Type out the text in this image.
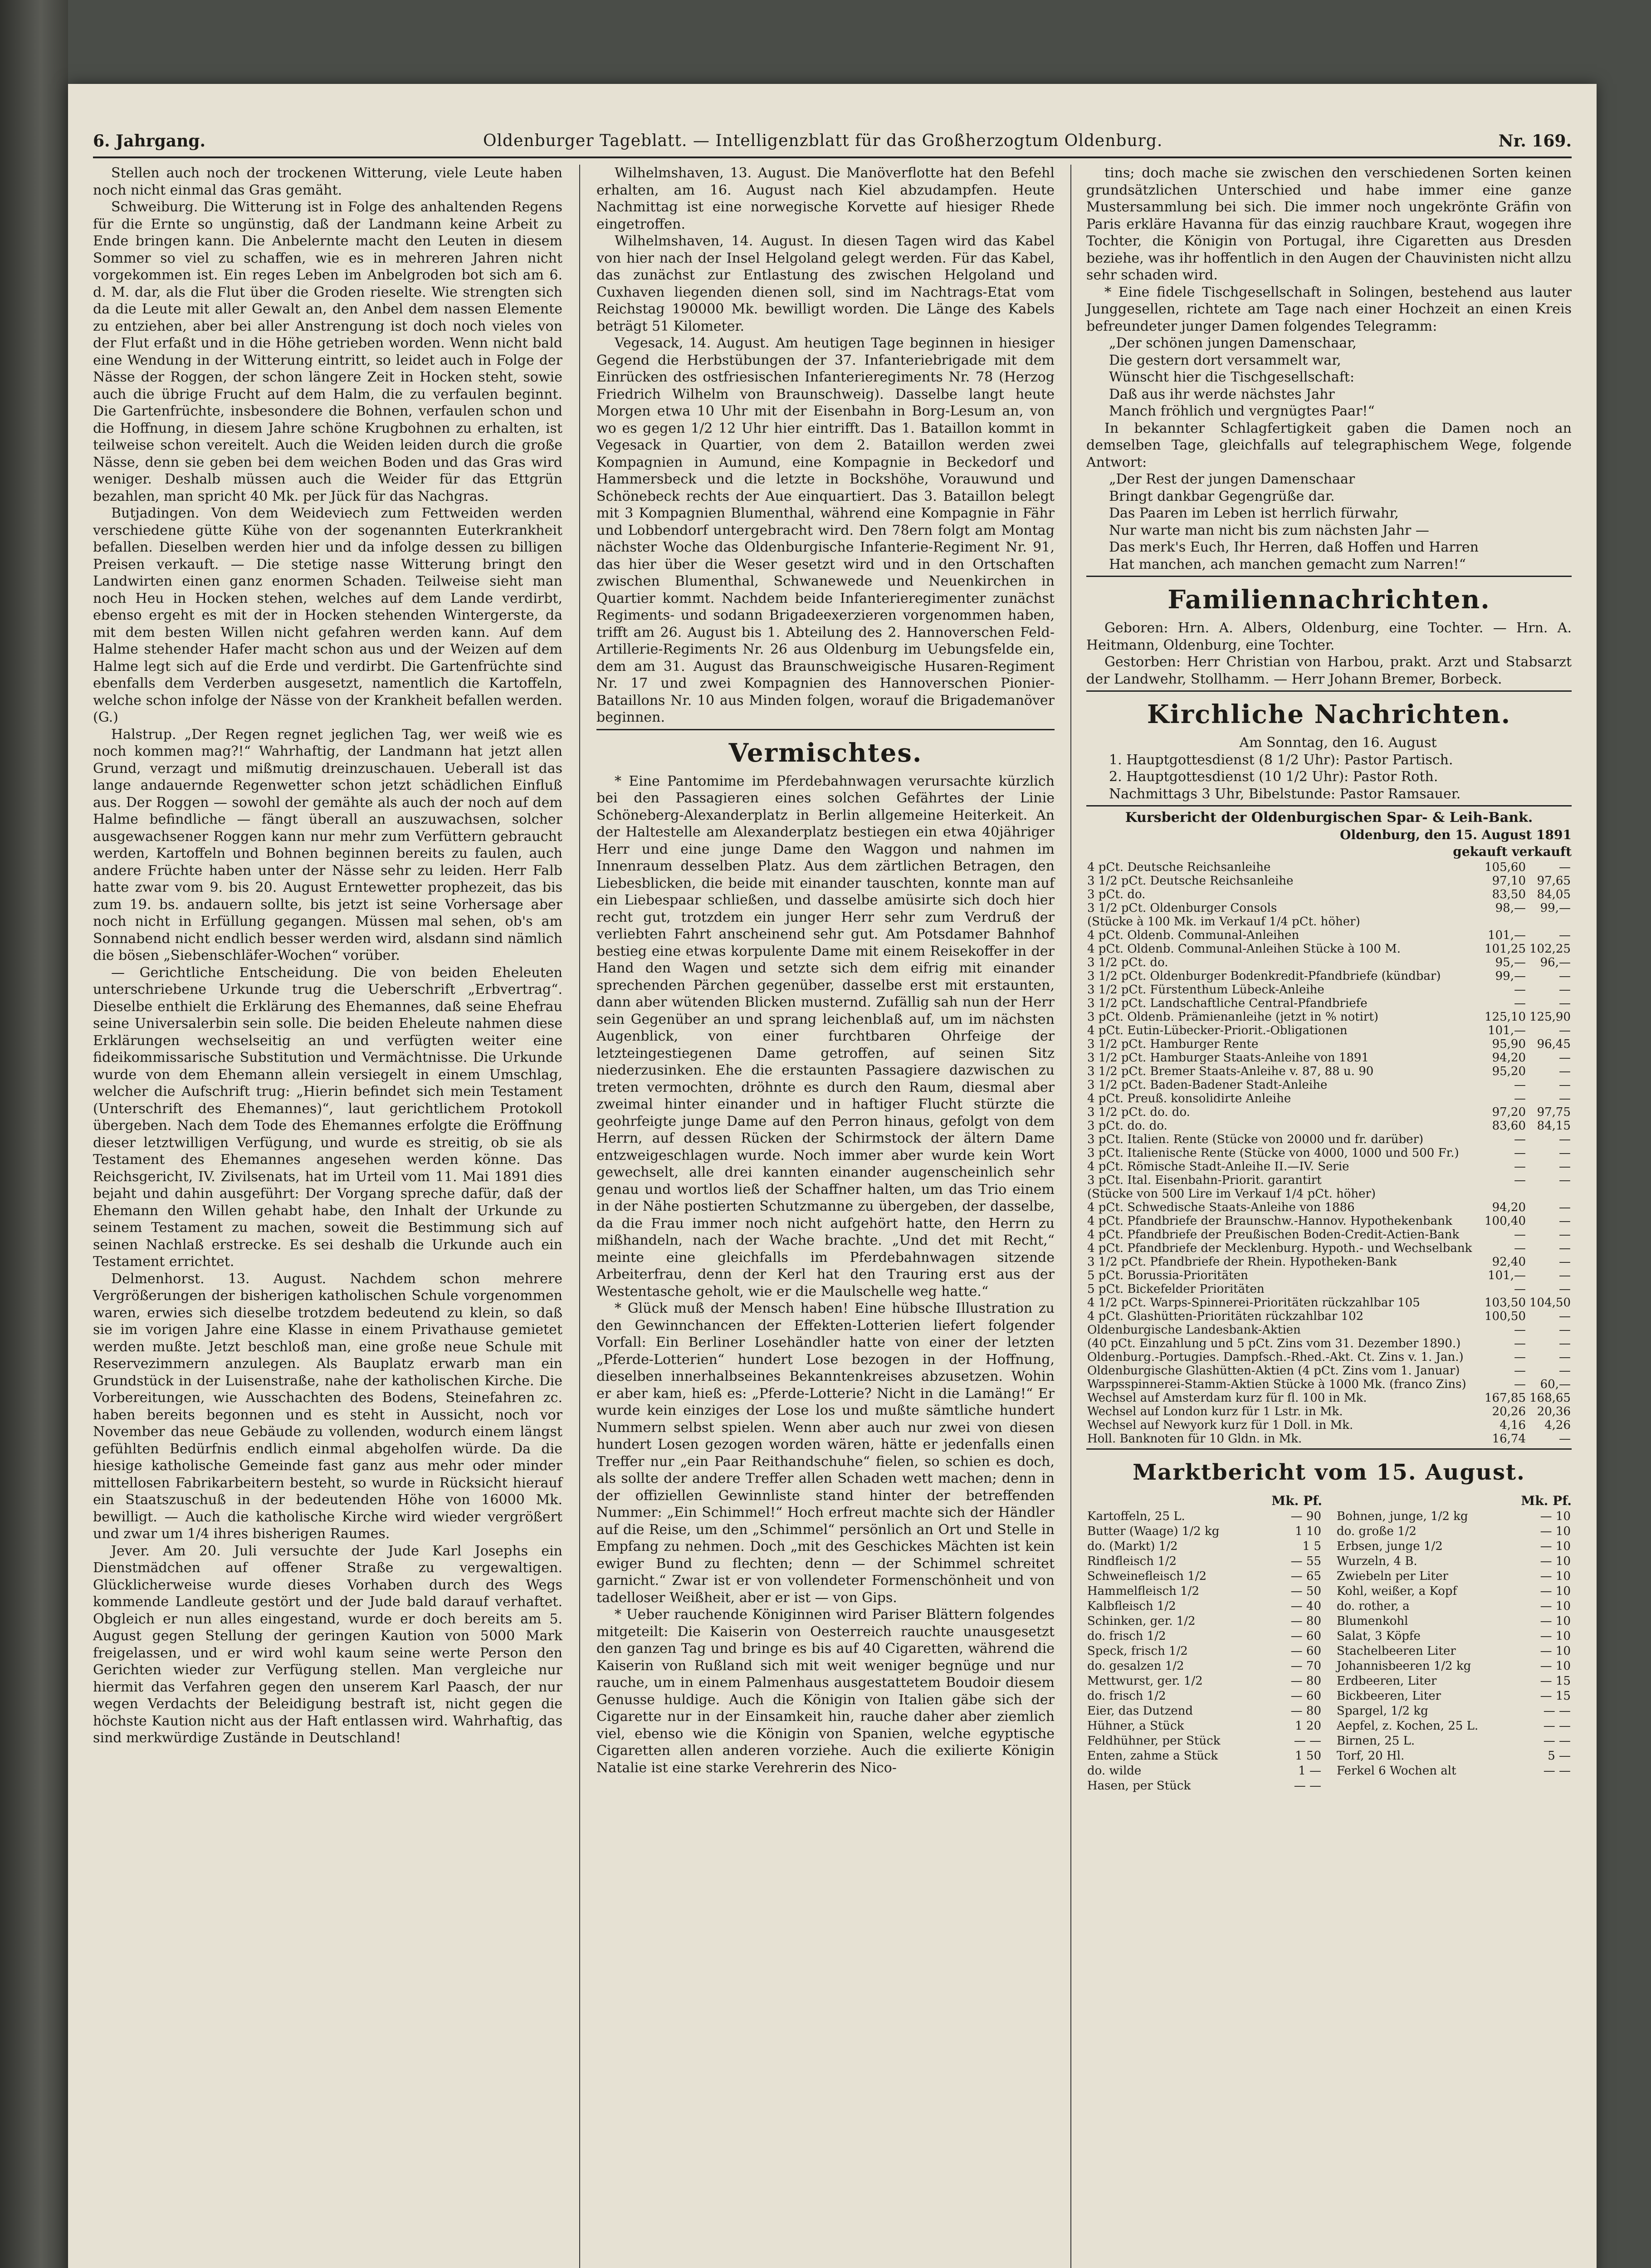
6. Jahrgang.	Oldenburger Tageblatt. — Intelligenzblatt für das Großherzogtum Oldenburg.	Nr. 169.

Stellen auch noch der trockenen Witterung, viele Leute haben noch nicht einmal das Gras gemäht.

Schweiburg. Die Witterung ist in Folge des anhaltenden Regens für die Ernte so ungünstig, daß der Landmann keine Arbeit zu Ende bringen kann. Die Anbelernte macht den Leuten in diesem Sommer so viel zu schaffen, wie es in mehreren Jahren nicht vorgekommen ist. Ein reges Leben im Anbelgroden bot sich am 6. d. M. dar, als die Flut über die Groden rieselte. Wie strengten sich da die Leute mit aller Gewalt an, den Anbel dem nassen Elemente zu entziehen, aber bei aller Anstrengung ist doch noch vieles von der Flut erfaßt und in die Höhe getrieben worden. Wenn nicht bald eine Wendung in der Witterung eintritt, so leidet auch in Folge der Nässe der Roggen, der schon längere Zeit in Hocken steht, sowie auch die übrige Frucht auf dem Halm, die zu verfaulen beginnt. Die Gartenfrüchte, insbesondere die Bohnen, verfaulen schon und die Hoffnung, in diesem Jahre schöne Krugbohnen zu erhalten, ist teilweise schon vereitelt. Auch die Weiden leiden durch die große Nässe, denn sie geben bei dem weichen Boden und das Gras wird weniger. Deshalb müssen auch die Weider für das Ettgrün bezahlen, man spricht 40 Mk. per Jück für das Nachgras.

Butjadingen. Von dem Weideviech zum Fettweiden werden verschiedene gütte Kühe von der sogenannten Euterkrankheit befallen. Dieselben werden hier und da infolge dessen zu billigen Preisen verkauft. — Die stetige nasse Witterung bringt den Landwirten einen ganz enormen Schaden. Teilweise sieht man noch Heu in Hocken stehen, welches auf dem Lande verdirbt, ebenso ergeht es mit der in Hocken stehenden Wintergerste, da mit dem besten Willen nicht gefahren werden kann. Auf dem Halme stehender Hafer macht schon aus und der Weizen auf dem Halme legt sich auf die Erde und verdirbt. Die Gartenfrüchte sind ebenfalls dem Verderben ausgesetzt, namentlich die Kartoffeln, welche schon infolge der Nässe von der Krankheit befallen werden. (G.)

Halstrup. „Der Regen regnet jeglichen Tag, wer weiß wie es noch kommen mag?!“ Wahrhaftig, der Landmann hat jetzt allen Grund, verzagt und mißmutig dreinzuschauen. Ueberall ist das lange andauernde Regenwetter schon jetzt schädlichen Einfluß aus. Der Roggen — sowohl der gemähte als auch der noch auf dem Halme befindliche — fängt überall an auszuwachsen, solcher ausgewachsener Roggen kann nur mehr zum Verfüttern gebraucht werden, Kartoffeln und Bohnen beginnen bereits zu faulen, auch andere Früchte haben unter der Nässe sehr zu leiden. Herr Falb hatte zwar vom 9. bis 20. August Erntewetter prophezeit, das bis zum 19. bs. andauern sollte, bis jetzt ist seine Vorhersage aber noch nicht in Erfüllung gegangen. Müssen mal sehen, ob's am Sonnabend nicht endlich besser werden wird, alsdann sind nämlich die bösen „Siebenschläfer-Wochen“ vorüber.

— Gerichtliche Entscheidung. Die von beiden Eheleuten unterschriebene Urkunde trug die Ueberschrift „Erbvertrag“. Dieselbe enthielt die Erklärung des Ehemannes, daß seine Ehefrau seine Universalerbin sein solle. Die beiden Eheleute nahmen diese Erklärungen wechselseitig an und verfügten weiter eine fideikommissarische Substitution und Vermächtnisse. Die Urkunde wurde von dem Ehemann allein versiegelt in einem Umschlag, welcher die Aufschrift trug: „Hierin befindet sich mein Testament (Unterschrift des Ehemannes)“, laut gerichtlichem Protokoll übergeben. Nach dem Tode des Ehemannes erfolgte die Eröffnung dieser letztwilligen Verfügung, und wurde es streitig, ob sie als Testament des Ehemannes angesehen werden könne. Das Reichsgericht, IV. Zivilsenats, hat im Urteil vom 11. Mai 1891 dies bejaht und dahin ausgeführt: Der Vorgang spreche dafür, daß der Ehemann den Willen gehabt habe, den Inhalt der Urkunde zu seinem Testament zu machen, soweit die Bestimmung sich auf seinen Nachlaß erstrecke. Es sei deshalb die Urkunde auch ein Testament errichtet.

Delmenhorst. 13. August. Nachdem schon mehrere Vergrößerungen der bisherigen katholischen Schule vorgenommen waren, erwies sich dieselbe trotzdem bedeutend zu klein, so daß sie im vorigen Jahre eine Klasse in einem Privathause gemietet werden mußte. Jetzt beschloß man, eine große neue Schule mit Reservezimmern anzulegen. Als Bauplatz erwarb man ein Grundstück in der Luisenstraße, nahe der katholischen Kirche. Die Vorbereitungen, wie Ausschachten des Bodens, Steinefahren zc. haben bereits begonnen und es steht in Aussicht, noch vor November das neue Gebäude zu vollenden, wodurch einem längst gefühlten Bedürfnis endlich einmal abgeholfen würde. Da die hiesige katholische Gemeinde fast ganz aus mehr oder minder mittellosen Fabrikarbeitern besteht, so wurde in Rücksicht hierauf ein Staatszuschuß in der bedeutenden Höhe von 16000 Mk. bewilligt. — Auch die katholische Kirche wird wieder vergrößert und zwar um 1/4 ihres bisherigen Raumes.

Jever. Am 20. Juli versuchte der Jude Karl Josephs ein Dienstmädchen auf offener Straße zu vergewaltigen. Glücklicherweise wurde dieses Vorhaben durch des Wegs kommende Landleute gestört und der Jude bald darauf verhaftet. Obgleich er nun alles eingestand, wurde er doch bereits am 5. August gegen Stellung der geringen Kaution von 5000 Mark freigelassen, und er wird wohl kaum seine werte Person den Gerichten wieder zur Verfügung stellen. Man vergleiche nur hiermit das Verfahren gegen den unserem Karl Paasch, der nur wegen Verdachts der Beleidigung bestraft ist, nicht gegen die höchste Kaution nicht aus der Haft entlassen wird. Wahrhaftig, das sind merkwürdige Zustände in Deutschland!

Wilhelmshaven, 13. August. Die Manöverflotte hat den Befehl erhalten, am 16. August nach Kiel abzudampfen. Heute Nachmittag ist eine norwegische Korvette auf hiesiger Rhede eingetroffen.

Wilhelmshaven, 14. August. In diesen Tagen wird das Kabel von hier nach der Insel Helgoland gelegt werden. Für das Kabel, das zunächst zur Entlastung des zwischen Helgoland und Cuxhaven liegenden dienen soll, sind im Nachtrags-Etat vom Reichstag 190000 Mk. bewilligt worden. Die Länge des Kabels beträgt 51 Kilometer.

Vegesack, 14. August. Am heutigen Tage beginnen in hiesiger Gegend die Herbstübungen der 37. Infanteriebrigade mit dem Einrücken des ostfriesischen Infanterieregiments Nr. 78 (Herzog Friedrich Wilhelm von Braunschweig). Dasselbe langt heute Morgen etwa 10 Uhr mit der Eisenbahn in Borg-Lesum an, von wo es gegen 1/2 12 Uhr hier eintrifft. Das 1. Bataillon kommt in Vegesack in Quartier, von dem 2. Bataillon werden zwei Kompagnien in Aumund, eine Kompagnie in Beckedorf und Hammersbeck und die letzte in Bockshöhe, Vorauwund und Schönebeck rechts der Aue einquartiert. Das 3. Bataillon belegt mit 3 Kompagnien Blumenthal, während eine Kompagnie in Fähr und Lobbendorf untergebracht wird. Den 78ern folgt am Montag nächster Woche das Oldenburgische Infanterie-Regiment Nr. 91, das hier über die Weser gesetzt wird und in den Ortschaften zwischen Blumenthal, Schwanewede und Neuenkirchen in Quartier kommt. Nachdem beide Infanterieregimenter zunächst Regiments- und sodann Brigadeexerzieren vorgenommen haben, trifft am 26. August bis 1. Abteilung des 2. Hannoverschen Feld-Artillerie-Regiments Nr. 26 aus Oldenburg im Uebungsfelde ein, dem am 31. August das Braunschweigische Husaren-Regiment Nr. 17 und zwei Kompagnien des Hannoverschen Pionier-Bataillons Nr. 10 aus Minden folgen, worauf die Brigademanöver beginnen.

Vermischtes.

* Eine Pantomime im Pferdebahnwagen verursachte kürzlich bei den Passagieren eines solchen Gefährtes der Linie Schöneberg-Alexanderplatz in Berlin allgemeine Heiterkeit. An der Haltestelle am Alexanderplatz bestiegen ein etwa 40jähriger Herr und eine junge Dame den Waggon und nahmen im Innenraum desselben Platz. Aus dem zärtlichen Betragen, den Liebesblicken, die beide mit einander tauschten, konnte man auf ein Liebespaar schließen, und dasselbe amüsirte sich doch hier recht gut, trotzdem ein junger Herr sehr zum Verdruß der verliebten Fahrt anscheinend sehr gut. Am Potsdamer Bahnhof bestieg eine etwas korpulente Dame mit einem Reisekoffer in der Hand den Wagen und setzte sich dem eifrig mit einander sprechenden Pärchen gegenüber, dasselbe erst mit erstaunten, dann aber wütenden Blicken musternd. Zufällig sah nun der Herr sein Gegenüber an und sprang leichenblaß auf, um im nächsten Augenblick, von einer furchtbaren Ohrfeige der letzteingestiegenen Dame getroffen, auf seinen Sitz niederzusinken. Ehe die erstaunten Passagiere dazwischen zu treten vermochten, dröhnte es durch den Raum, diesmal aber zweimal hinter einander und in haftiger Flucht stürzte die geohrfeigte junge Dame auf den Perron hinaus, gefolgt von dem Herrn, auf dessen Rücken der Schirmstock der ältern Dame entzweigeschlagen wurde. Noch immer aber wurde kein Wort gewechselt, alle drei kannten einander augenscheinlich sehr genau und wortlos ließ der Schaffner halten, um das Trio einem in der Nähe postierten Schutzmanne zu übergeben, der dasselbe, da die Frau immer noch nicht aufgehört hatte, den Herrn zu mißhandeln, nach der Wache brachte. „Und det mit Recht,“ meinte eine gleichfalls im Pferdebahnwagen sitzende Arbeiterfrau, denn der Kerl hat den Trauring erst aus der Westentasche geholt, wie er die Maulschelle weg hatte.“

* Glück muß der Mensch haben! Eine hübsche Illustration zu den Gewinnchancen der Effekten-Lotterien liefert folgender Vorfall: Ein Berliner Losehändler hatte von einer der letzten „Pferde-Lotterien“ hundert Lose bezogen in der Hoffnung, dieselben innerhalbseines Bekanntenkreises abzusetzen. Wohin er aber kam, hieß es: „Pferde-Lotterie? Nicht in die Lamäng!“ Er wurde kein einziges der Lose los und mußte sämtliche hundert Nummern selbst spielen. Wenn aber auch nur zwei von diesen hundert Losen gezogen worden wären, hätte er jedenfalls einen Treffer nur „ein Paar Reithandschuhe“ fielen, so schien es doch, als sollte der andere Treffer allen Schaden wett machen; denn in der offiziellen Gewinnliste stand hinter der betreffenden Nummer: „Ein Schimmel!“ Hoch erfreut machte sich der Händler auf die Reise, um den „Schimmel“ persönlich an Ort und Stelle in Empfang zu nehmen. Doch „mit des Geschickes Mächten ist kein ewiger Bund zu flechten; denn — der Schimmel schreitet garnicht.“ Zwar ist er von vollendeter Formenschönheit und von tadelloser Weißheit, aber er ist — von Gips.

* Ueber rauchende Königinnen wird Pariser Blättern folgendes mitgeteilt: Die Kaiserin von Oesterreich rauchte unausgesetzt den ganzen Tag und bringe es bis auf 40 Cigaretten, während die Kaiserin von Rußland sich mit weit weniger begnüge und nur rauche, um in einem Palmenhaus ausgestattetem Boudoir diesem Genusse huldige. Auch die Königin von Italien gäbe sich der Cigarette nur in der Einsamkeit hin, rauche daher aber ziemlich viel, ebenso wie die Königin von Spanien, welche egyptische Cigaretten allen anderen vorziehe. Auch die exilierte Königin Natalie ist eine starke Verehrerin des Nico-

tins; doch mache sie zwischen den verschiedenen Sorten keinen grundsätzlichen Unterschied und habe immer eine ganze Mustersammlung bei sich. Die immer noch ungekrönte Gräfin von Paris erkläre Havanna für das einzig rauchbare Kraut, wogegen ihre Tochter, die Königin von Portugal, ihre Cigaretten aus Dresden beziehe, was ihr hoffentlich in den Augen der Chauvinisten nicht allzu sehr schaden wird.

* Eine fidele Tischgesellschaft in Solingen, bestehend aus lauter Junggesellen, richtete am Tage nach einer Hochzeit an einen Kreis befreundeter junger Damen folgendes Telegramm:

„Der schönen jungen Damenschaar,

Die gestern dort versammelt war,

Wünscht hier die Tischgesellschaft:

Daß aus ihr werde nächstes Jahr

Manch fröhlich und vergnügtes Paar!“

In bekannter Schlagfertigkeit gaben die Damen noch an demselben Tage, gleichfalls auf telegraphischem Wege, folgende Antwort:

„Der Rest der jungen Damenschaar

Bringt dankbar Gegengrüße dar.

Das Paaren im Leben ist herrlich fürwahr,

Nur warte man nicht bis zum nächsten Jahr —

Das merk's Euch, Ihr Herren, daß Hoffen und Harren

Hat manchen, ach manchen gemacht zum Narren!“

Familiennachrichten.

Geboren: Hrn. A. Albers, Oldenburg, eine Tochter. — Hrn. A. Heitmann, Oldenburg, eine Tochter.

Gestorben: Herr Christian von Harbou, prakt. Arzt und Stabsarzt der Landwehr, Stollhamm. — Herr Johann Bremer, Borbeck.

Kirchliche Nachrichten.

Am Sonntag, den 16. August

1. Hauptgottesdienst (8 1/2 Uhr): Pastor Partisch.

2. Hauptgottesdienst (10 1/2 Uhr): Pastor Roth.

Nachmittags 3 Uhr, Bibelstunde: Pastor Ramsauer.

Kursbericht der Oldenburgischen Spar- & Leih-Bank.
Oldenburg, den 15. August 1891
gekauft verkauft
4 pCt. Deutsche Reichsanleihe	105,60	—
3 1/2 pCt. Deutsche Reichsanleihe	97,10	97,65
3 pCt. do.	83,50	84,05
3 1/2 pCt. Oldenburger Consols	98,—	99,—
(Stücke à 100 Mk. im Verkauf 1/4 pCt. höher)		
4 pCt. Oldenb. Communal-Anleihen	101,—	—
4 pCt. Oldenb. Communal-Anleihen Stücke à 100 M.	101,25	102,25
3 1/2 pCt. do.	95,—	96,—
3 1/2 pCt. Oldenburger Bodenkredit-Pfandbriefe (kündbar)	99,—	—
3 1/2 pCt. Fürstenthum Lübeck-Anleihe	—	—
3 1/2 pCt. Landschaftliche Central-Pfandbriefe	—	—
3 pCt. Oldenb. Prämienanleihe (jetzt in % notirt)	125,10	125,90
4 pCt. Eutin-Lübecker-Priorit.-Obligationen	101,—	—
3 1/2 pCt. Hamburger Rente	95,90	96,45
3 1/2 pCt. Hamburger Staats-Anleihe von 1891	94,20	—
3 1/2 pCt. Bremer Staats-Anleihe v. 87, 88 u. 90	95,20	—
3 1/2 pCt. Baden-Badener Stadt-Anleihe	—	—
4 pCt. Preuß. konsolidirte Anleihe	—	—
3 1/2 pCt. do. do.	97,20	97,75
3 pCt. do. do.	83,60	84,15
3 pCt. Italien. Rente (Stücke von 20000 und fr. darüber)	—	—
3 pCt. Italienische Rente (Stücke von 4000, 1000 und 500 Fr.)	—	—
4 pCt. Römische Stadt-Anleihe II.—IV. Serie	—	—
3 pCt. Ital. Eisenbahn-Priorit. garantirt	—	—
(Stücke von 500 Lire im Verkauf 1/4 pCt. höher)		
4 pCt. Schwedische Staats-Anleihe von 1886	94,20	—
4 pCt. Pfandbriefe der Braunschw.-Hannov. Hypothekenbank	100,40	—
4 pCt. Pfandbriefe der Preußischen Boden-Credit-Actien-Bank	—	—
4 pCt. Pfandbriefe der Mecklenburg. Hypoth.- und Wechselbank	—	—
3 1/2 pCt. Pfandbriefe der Rhein. Hypotheken-Bank	92,40	—
5 pCt. Borussia-Prioritäten	101,—	—
5 pCt. Bickefelder Prioritäten	—	—
4 1/2 pCt. Warps-Spinnerei-Prioritäten rückzahlbar 105	103,50	104,50
4 pCt. Glashütten-Prioritäten rückzahlbar 102	100,50	—
Oldenburgische Landesbank-Aktien	—	—
(40 pCt. Einzahlung und 5 pCt. Zins vom 31. Dezember 1890.)	—	—
Oldenburg.-Portugies. Dampfsch.-Rhed.-Akt. Ct. Zins v. 1. Jan.)	—	—
Oldenburgische Glashütten-Aktien (4 pCt. Zins vom 1. Januar)	—	—
Warpsspinnerei-Stamm-Aktien Stücke à 1000 Mk. (franco Zins)	—	60,—
Wechsel auf Amsterdam kurz für fl. 100 in Mk.	167,85	168,65
Wechsel auf London kurz für 1 Lstr. in Mk.	20,26	20,36
Wechsel auf Newyork kurz für 1 Doll. in Mk.	4,16	4,26
Holl. Banknoten für 10 Gldn. in Mk.	16,74	—
Marktbericht vom 15. August.
Mk. Pf.
Kartoffeln, 25 L.	— 90
Butter (Waage) 1/2 kg	1 10
do. (Markt) 1/2	1 5
Rindfleisch 1/2	— 55
Schweinefleisch 1/2	— 65
Hammelfleisch 1/2	— 50
Kalbfleisch 1/2	— 40
Schinken, ger. 1/2	— 80
do. frisch 1/2	— 60
Speck, frisch 1/2	— 60
do. gesalzen 1/2	— 70
Mettwurst, ger. 1/2	— 80
do. frisch 1/2	— 60
Eier, das Dutzend	— 80
Hühner, a Stück	1 20
Feldhühner, per Stück	— —
Enten, zahme a Stück	1 50
do. wilde	1 —
Hasen, per Stück	— —
Mk. Pf.
Bohnen, junge, 1/2 kg	— 10
do. große 1/2	— 10
Erbsen, junge 1/2	— 10
Wurzeln, 4 B.	— 10
Zwiebeln per Liter	— 10
Kohl, weißer, a Kopf	— 10
do. rother, a	— 10
Blumenkohl	— 10
Salat, 3 Köpfe	— 10
Stachelbeeren Liter	— 10
Johannisbeeren 1/2 kg	— 10
Erdbeeren, Liter	— 15
Bickbeeren, Liter	— 15
Spargel, 1/2 kg	— —
Aepfel, z. Kochen, 25 L.	— —
Birnen, 25 L.	— —
Torf, 20 Hl.	5 —
Ferkel 6 Wochen alt	— —
